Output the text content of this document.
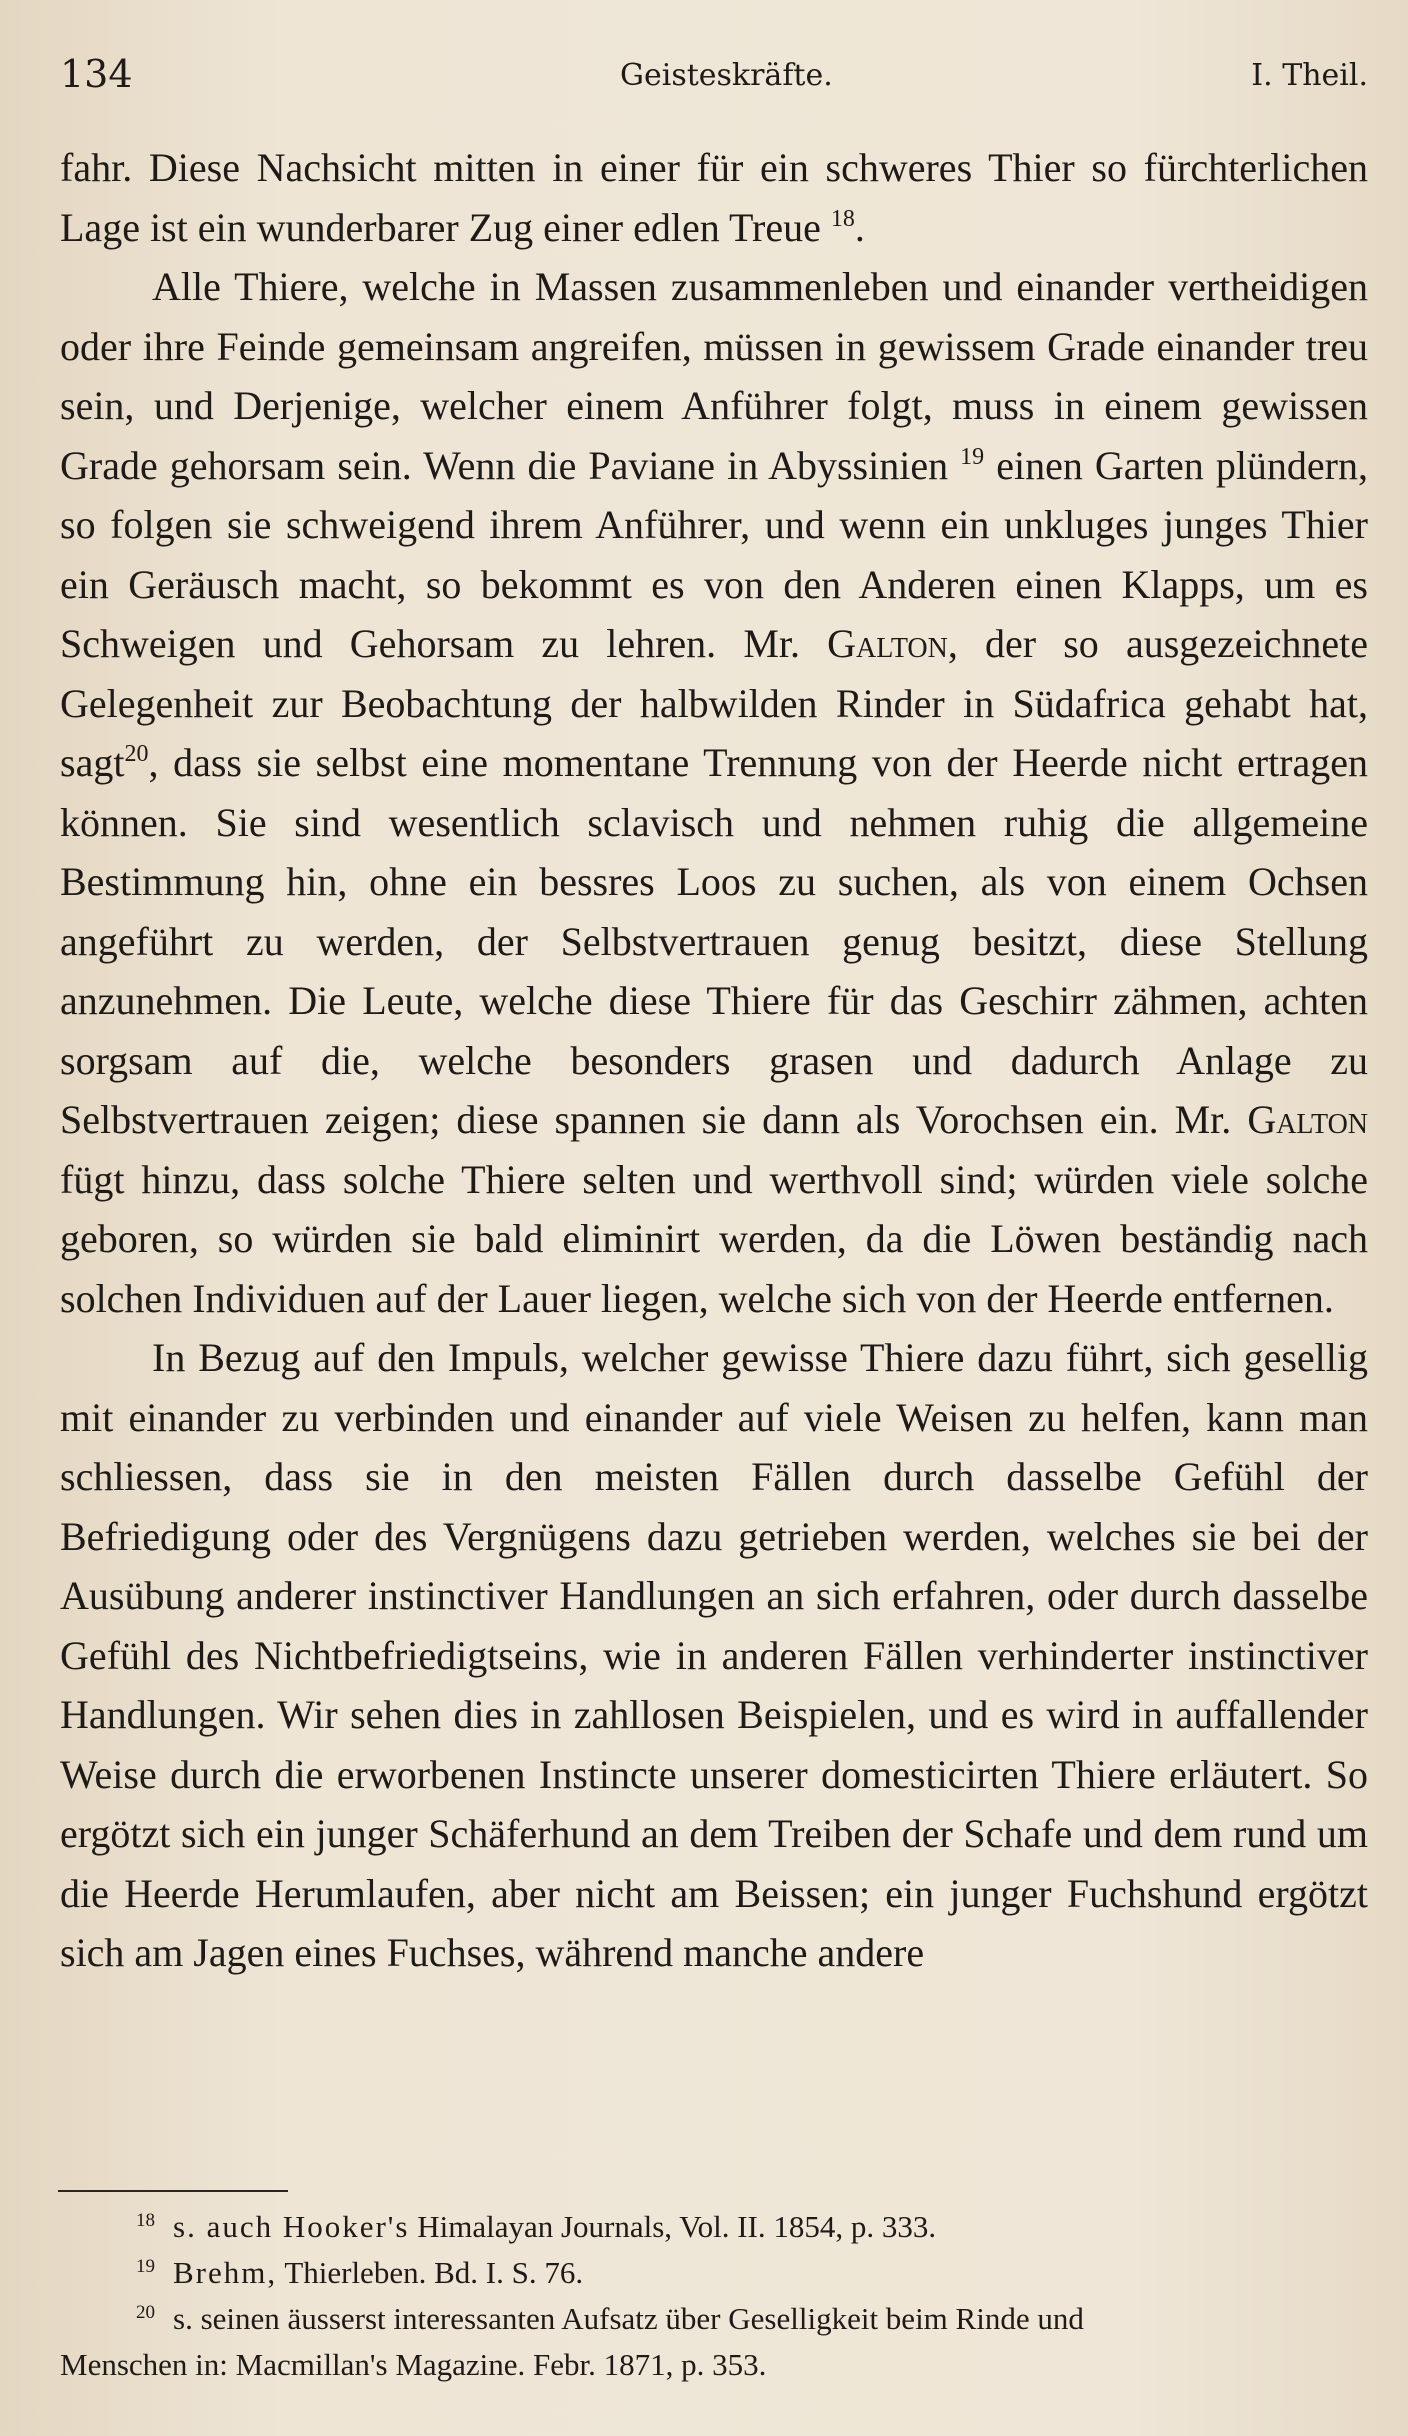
134	Geisteskräfte.	I. Theil.

fahr. Diese Nachsicht mitten in einer für ein schweres Thier so fürchterlichen Lage ist ein wunderbarer Zug einer edlen Treue $^{18}$.

Alle Thiere, welche in Massen zusammenleben und einander vertheidigen oder ihre Feinde gemeinsam angreifen, müssen in gewissem Grade einander treu sein, und Derjenige, welcher einem Anführer folgt, muss in einem gewissen Grade gehorsam sein. Wenn die Paviane in Abyssinien $^{19}$ einen Garten plündern, so folgen sie schweigend ihrem Anführer, und wenn ein unkluges junges Thier ein Geräusch macht, so bekommt es von den Anderen einen Klapps, um es Schweigen und Gehorsam zu lehren. Mr. Galton, der so ausgezeichnete Gelegenheit zur Beobachtung der halbwilden Rinder in Südafrica gehabt hat, sagt$^{20}$, dass sie selbst eine momentane Trennung von der Heerde nicht ertragen können. Sie sind wesentlich sclavisch und nehmen ruhig die allgemeine Bestimmung hin, ohne ein bessres Loos zu suchen, als von einem Ochsen angeführt zu werden, der Selbstvertrauen genug besitzt, diese Stellung anzunehmen. Die Leute, welche diese Thiere für das Geschirr zähmen, achten sorgsam auf die, welche besonders grasen und dadurch Anlage zu Selbstvertrauen zeigen; diese spannen sie dann als Vorochsen ein. Mr. Galton fügt hinzu, dass solche Thiere selten und werthvoll sind; würden viele solche geboren, so würden sie bald eliminirt werden, da die Löwen beständig nach solchen Individuen auf der Lauer liegen, welche sich von der Heerde entfernen.

In Bezug auf den Impuls, welcher gewisse Thiere dazu führt, sich gesellig mit einander zu verbinden und einander auf viele Weisen zu helfen, kann man schliessen, dass sie in den meisten Fällen durch dasselbe Gefühl der Befriedigung oder des Vergnügens dazu getrieben werden, welches sie bei der Ausübung anderer instinctiver Handlungen an sich erfahren, oder durch dasselbe Gefühl des Nichtbefriedigtseins, wie in anderen Fällen verhinderter instinctiver Handlungen. Wir sehen dies in zahllosen Beispielen, und es wird in auffallender Weise durch die erworbenen Instincte unserer domesticirten Thiere erläutert. So ergötzt sich ein junger Schäferhund an dem Treiben der Schafe und dem rund um die Heerde Herumlaufen, aber nicht am Beissen; ein junger Fuchshund ergötzt sich am Jagen eines Fuchses, während manche andere

$^{18}$ s. auch Hooker's Himalayan Journals, Vol. II. 1854, p. 333.

$^{19}$ Brehm, Thierleben. Bd. I. S. 76.

$^{20}$ s. seinen äusserst interessanten Aufsatz über Geselligkeit beim Rinde und

Menschen in: Macmillan's Magazine. Febr. 1871, p. 353.
